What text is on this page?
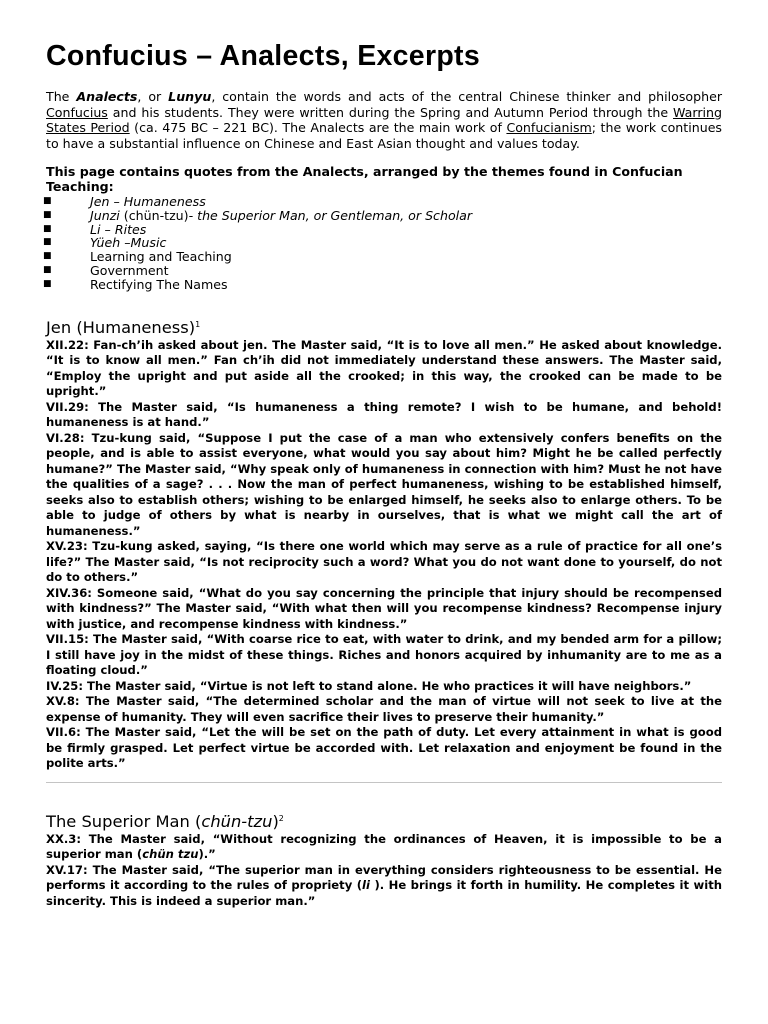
Confucius – Analects, Excerpts
The Analects, or Lunyu, contain the words and acts of the central Chinese thinker and philosopher Confucius and his students. They were written during the Spring and Autumn Period through the Warring States Period (ca. 475 BC – 221 BC). The Analects are the main work of Confucianism; the work continues to have a substantial influence on Chinese and East Asian thought and values today.
This page contains quotes from the Analects, arranged by the themes found in Confucian Teaching:
■	Jen – Humaneness
■	Junzi (chün-tzu)- the Superior Man, or Gentleman, or Scholar
■	Li – Rites
■	Yüeh –Music
■	Learning and Teaching
■	Government
■	Rectifying The Names
Jen (Humaneness)$^1$

XII.22: Fan-ch’ih asked about jen. The Master said, “It is to love all men.” He asked about knowledge. “It is to know all men.” Fan ch’ih did not immediately understand these answers. The Master said, “Employ the upright and put aside all the crooked; in this way, the crooked can be made to be upright.”

VII.29: The Master said, “Is humaneness a thing remote? I wish to be humane, and behold! humaneness is at hand.”

VI.28: Tzu-kung said, “Suppose I put the case of a man who extensively confers benefits on the people, and is able to assist everyone, what would you say about him? Might he be called perfectly humane?” The Master said, “Why speak only of humaneness in connection with him? Must he not have the qualities of a sage? . . . Now the man of perfect humaneness, wishing to be established himself, seeks also to establish others; wishing to be enlarged himself, he seeks also to enlarge others. To be able to judge of others by what is nearby in ourselves, that is what we might call the art of humaneness.”

XV.23: Tzu-kung asked, saying, “Is there one world which may serve as a rule of practice for all one’s life?” The Master said, “Is not reciprocity such a word? What you do not want done to yourself, do not do to others.”

XIV.36: Someone said, “What do you say concerning the principle that injury should be recompensed with kindness?” The Master said, “With what then will you recompense kindness? Recompense injury with justice, and recompense kindness with kindness.”

VII.15: The Master said, “With coarse rice to eat, with water to drink, and my bended arm for a pillow; I still have joy in the midst of these things. Riches and honors acquired by inhumanity are to me as a floating cloud.”

IV.25: The Master said, “Virtue is not left to stand alone. He who practices it will have neighbors.”

XV.8: The Master said, “The determined scholar and the man of virtue will not seek to live at the expense of humanity. They will even sacrifice their lives to preserve their humanity.”

VII.6: The Master said, “Let the will be set on the path of duty. Let every attainment in what is good be firmly grasped. Let perfect virtue be accorded with. Let relaxation and enjoyment be found in the polite arts.”

The Superior Man (chün-tzu)$^2$

XX.3: The Master said, “Without recognizing the ordinances of Heaven, it is impossible to be a superior man (chün tzu).”

XV.17: The Master said, “The superior man in everything considers righteousness to be essential. He performs it according to the rules of propriety (li ). He brings it forth in humility. He completes it with sincerity. This is indeed a superior man.”
